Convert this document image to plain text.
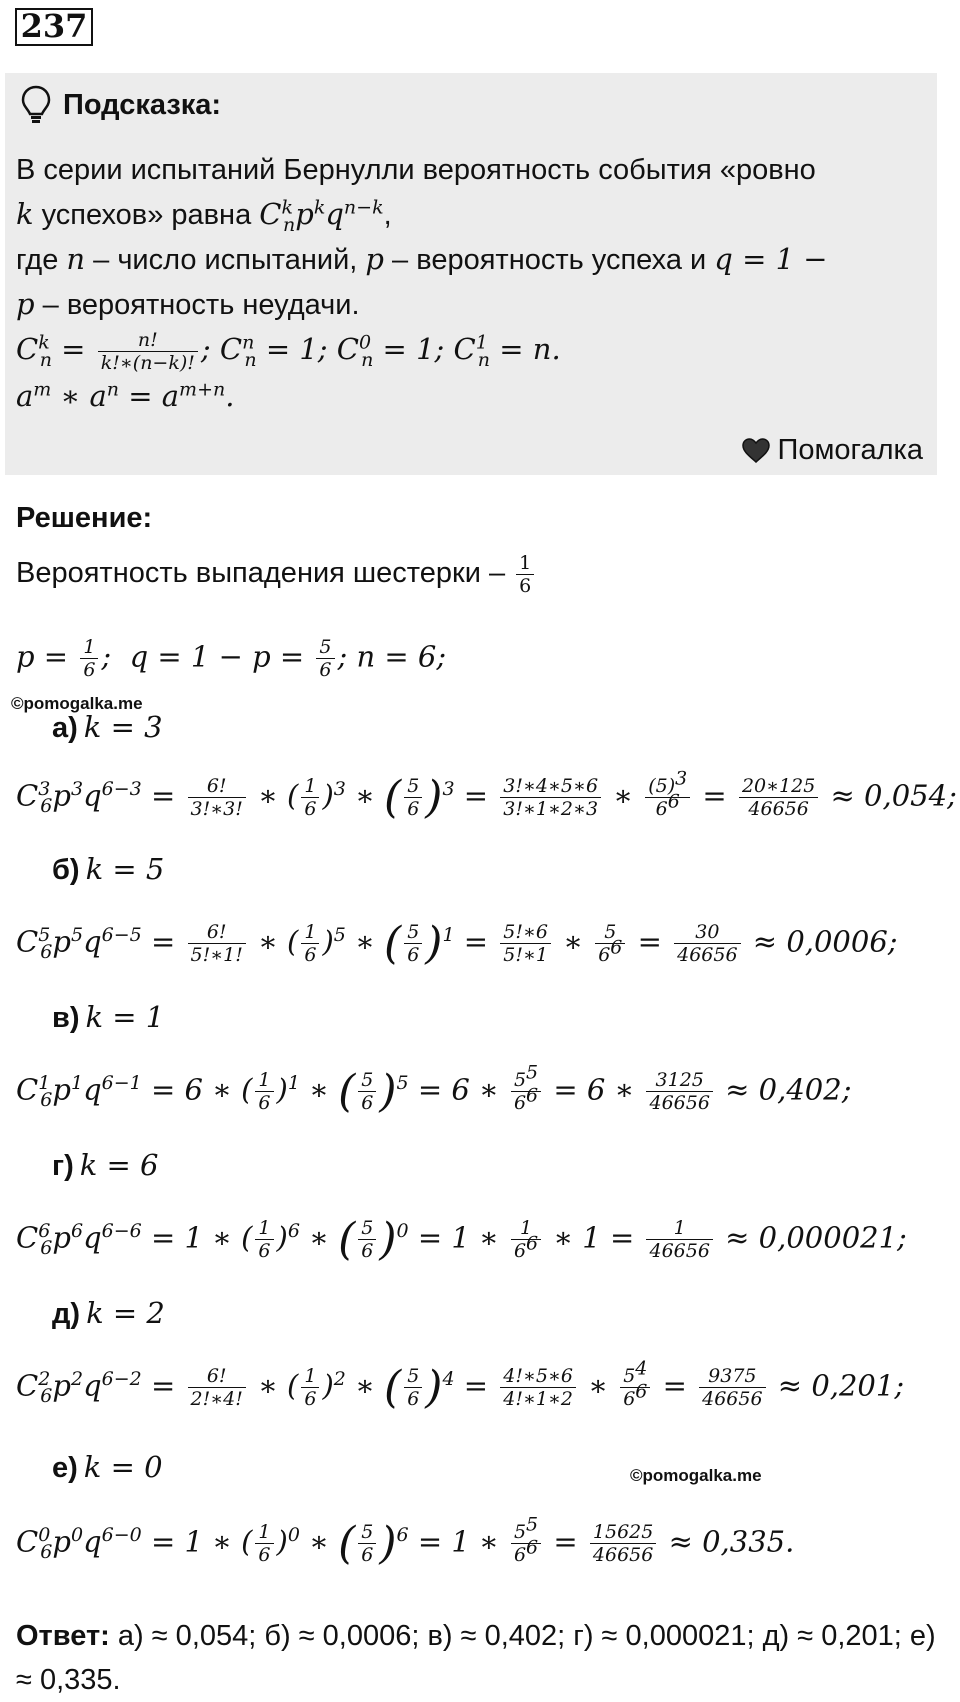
237
Подсказка:
В серии испытаний Бернулли вероятность события «ровно
k успехов» равна $C^k_np^kq^{n-k}$,
где n – число испытаний, p – вероятность успеха и q = 1 −
p – вероятность неудачи.
$C^k_n = \frac{n!}{k!∗(n-k)!}$ ; $C^n_n = 1$; $C^0_n = 1$; $C^1_n = n$.
$a^m$ ∗ $a^n = a^{m+n}$.
Помогалка
Решение:
Вероятность выпадения шестерки – $\frac{1}{6}$
$p = \frac{1}{6}$ ;  $q = 1 - p = \frac{5}{6}$ ; n = 6;
©pomogalka.me
а) k = 3
$C^3_6p^3q^{6-3} = \frac{6!}{3!∗3!}$ ∗ ( $\frac{1}{6} )^3$ ∗ ( $\frac{5}{6} )^3 = \frac{3!∗4∗5∗6}{3!∗1∗2∗3}$ ∗ $\frac{(5)^3}{6^6} = \frac{20∗125}{46656} \approx 0,054$;
б) k = 5
$C^5_6p^5q^{6-5} = \frac{6!}{5!∗1!}$ ∗ ( $\frac{1}{6} )^5$ ∗ ( $\frac{5}{6} )^1 = \frac{5!∗6}{5!∗1}$ ∗ $\frac{5}{6^6} = \frac{30}{46656} \approx 0,0006$;
в) k = 1
$C^1_6p^1q^{6-1} = 6$ ∗ ( $\frac{1}{6} )^1$ ∗ ( $\frac{5}{6} )^5 = 6$ ∗ $\frac{5^5}{6^6} = 6$ ∗ $\frac{3125}{46656} \approx 0,402$;
г) k = 6
$C^6_6p^6q^{6-6} = 1$ ∗ ( $\frac{1}{6} )^6$ ∗ ( $\frac{5}{6} )^0 = 1$ ∗ $\frac{1}{6^6}$ ∗ $1 = \frac{1}{46656} \approx 0,000021$;
д) k = 2
$C^2_6p^2q^{6-2} = \frac{6!}{2!∗4!}$ ∗ ( $\frac{1}{6} )^2$ ∗ ( $\frac{5}{6} )^4 = \frac{4!∗5∗6}{4!∗1∗2}$ ∗ $\frac{5^4}{6^6} = \frac{9375}{46656} \approx 0,201$;
е) k = 0	©pomogalka.me
$C^0_6p^0q^{6-0} = 1$ ∗ ( $\frac{1}{6} )^0$ ∗ ( $\frac{5}{6} )^6 = 1$ ∗ $\frac{5^5}{6^6} = \frac{15625}{46656} \approx 0,335$.
Ответ: а) ≈ 0,054; б) ≈ 0,0006; в) ≈ 0,402; г) ≈ 0,000021; д) ≈ 0,201; е) ≈ 0,335.
